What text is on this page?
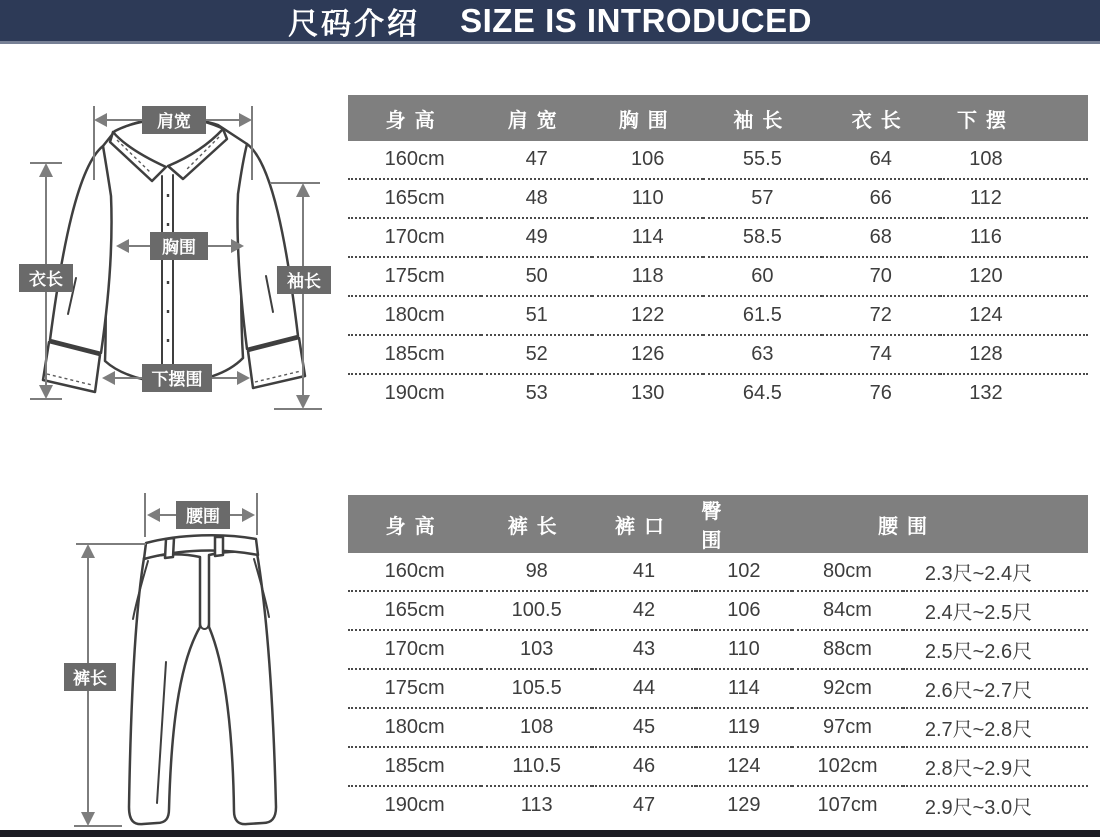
尺码介绍 SIZE IS INTRODUCED
肩宽
衣长	袖长
胸围
下摆围
身高	肩宽	胸围	袖长	衣长	下摆
160cm	47	106	55.5	64	108
165cm	48	110	57	66	112
170cm	49	114	58.5	68	116
175cm	50	118	60	70	120
180cm	51	122	61.5	72	124
185cm	52	126	63	74	128
190cm	53	130	64.5	76	132
腰围
裤长
身高	裤长	裤口	臀围	腰围	
160cm	98	41	102	80cm	2.3尺~2.4尺
165cm	100.5	42	106	84cm	2.4尺~2.5尺
170cm	103	43	110	88cm	2.5尺~2.6尺
175cm	105.5	44	114	92cm	2.6尺~2.7尺
180cm	108	45	119	97cm	2.7尺~2.8尺
185cm	110.5	46	124	102cm	2.8尺~2.9尺
190cm	113	47	129	107cm	2.9尺~3.0尺
